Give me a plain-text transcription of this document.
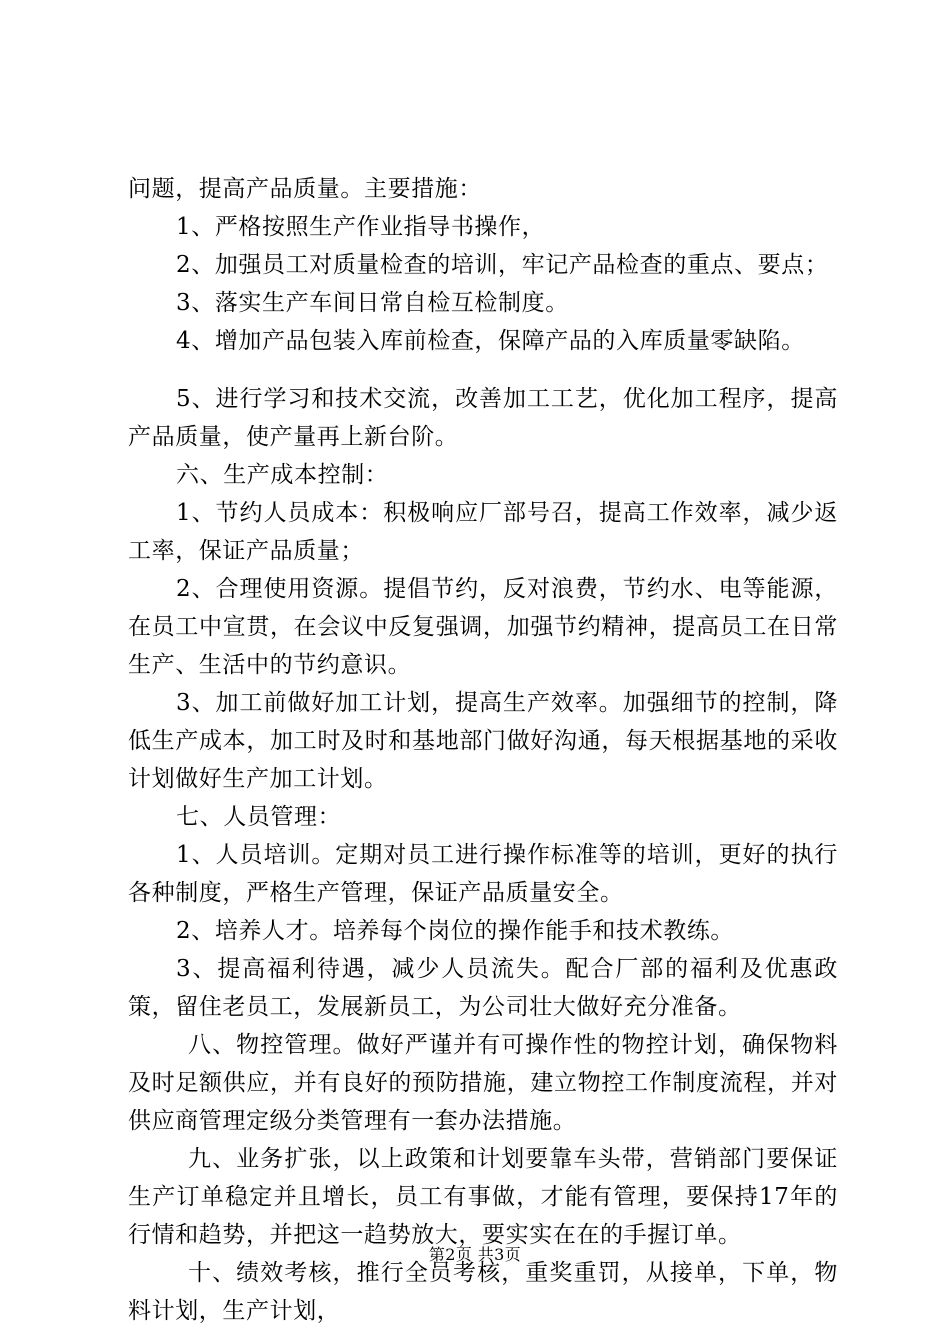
问题，提高产品质量。主要措施：

1、严格按照生产作业指导书操作，

2、加强员工对质量检查的培训，牢记产品检查的重点、要点；

3、落实生产车间日常自检互检制度。

4、增加产品包装入库前检查，保障产品的入库质量零缺陷。

5、进行学习和技术交流，改善加工工艺，优化加工程序，提高产品质量，使产量再上新台阶。

六、生产成本控制：

1、节约人员成本：积极响应厂部号召，提高工作效率，减少返工率，保证产品质量；

2、合理使用资源。提倡节约，反对浪费，节约水、电等能源，在员工中宣贯，在会议中反复强调，加强节约精神，提高员工在日常生产、生活中的节约意识。

3、加工前做好加工计划，提高生产效率。加强细节的控制，降低生产成本，加工时及时和基地部门做好沟通，每天根据基地的采收计划做好生产加工计划。

七、人员管理：

1、人员培训。定期对员工进行操作标准等的培训，更好的执行各种制度，严格生产管理，保证产品质量安全。

2、培养人才。培养每个岗位的操作能手和技术教练。

3、提高福利待遇，减少人员流失。配合厂部的福利及优惠政策，留住老员工，发展新员工，为公司壮大做好充分准备。

八、物控管理。做好严谨并有可操作性的物控计划，确保物料及时足额供应，并有良好的预防措施，建立物控工作制度流程，并对供应商管理定级分类管理有一套办法措施。

九、业务扩张，以上政策和计划要靠车头带，营销部门要保证生产订单稳定并且增长，员工有事做，才能有管理，要保持17年的行情和趋势，并把这一趋势放大，要实实在在的手握订单。

十、绩效考核，推行全员考核，重奖重罚，从接单，下单，物料计划，生产计划，

第2页 共3页
